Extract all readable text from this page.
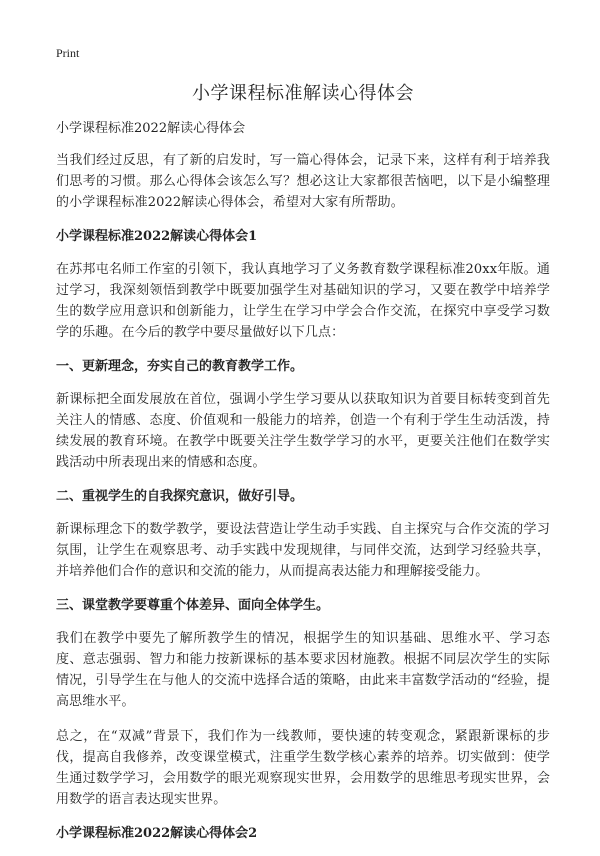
Print
小学课程标准解读心得体会

小学课程标准2022解读心得体会

当我们经过反思，有了新的启发时，写一篇心得体会，记录下来，这样有利于培养我们思考的习惯。那么心得体会该怎么写？想必这让大家都很苦恼吧，以下是小编整理的小学课程标准2022解读心得体会，希望对大家有所帮助。

小学课程标准2022解读心得体会1

在苏邦屯名师工作室的引领下，我认真地学习了义务教育数学课程标准20xx年版。通过学习，我深刻领悟到教学中既要加强学生对基础知识的学习，又要在教学中培养学生的数学应用意识和创新能力，让学生在学习中学会合作交流，在探究中享受学习数学的乐趣。在今后的教学中要尽量做好以下几点：

一、更新理念，夯实自己的教育教学工作。

新课标把全面发展放在首位，强调小学生学习要从以获取知识为首要目标转变到首先关注人的情感、态度、价值观和一般能力的培养，创造一个有利于学生生动活泼，持续发展的教育环境。在教学中既要关注学生数学学习的水平，更要关注他们在数学实践活动中所表现出来的情感和态度。

二、重视学生的自我探究意识，做好引导。

新课标理念下的数学教学，要设法营造让学生动手实践、自主探究与合作交流的学习氛围，让学生在观察思考、动手实践中发现规律，与同伴交流，达到学习经验共享，并培养他们合作的意识和交流的能力，从而提高表达能力和理解接受能力。

三、课堂教学要尊重个体差异、面向全体学生。

我们在教学中要先了解所教学生的情况，根据学生的知识基础、思维水平、学习态度、意志强弱、智力和能力按新课标的基本要求因材施教。根据不同层次学生的实际情况，引导学生在与他人的交流中选择合适的策略，由此来丰富数学活动的“经验，提高思维水平。

总之，在“双减”背景下，我们作为一线教师，要快速的转变观念，紧跟新课标的步伐，提高自我修养，改变课堂模式，注重学生数学核心素养的培养。切实做到：使学生通过数学学习，会用数学的眼光观察现实世界，会用数学的思维思考现实世界，会用数学的语言表达现实世界。

小学课程标准2022解读心得体会2
